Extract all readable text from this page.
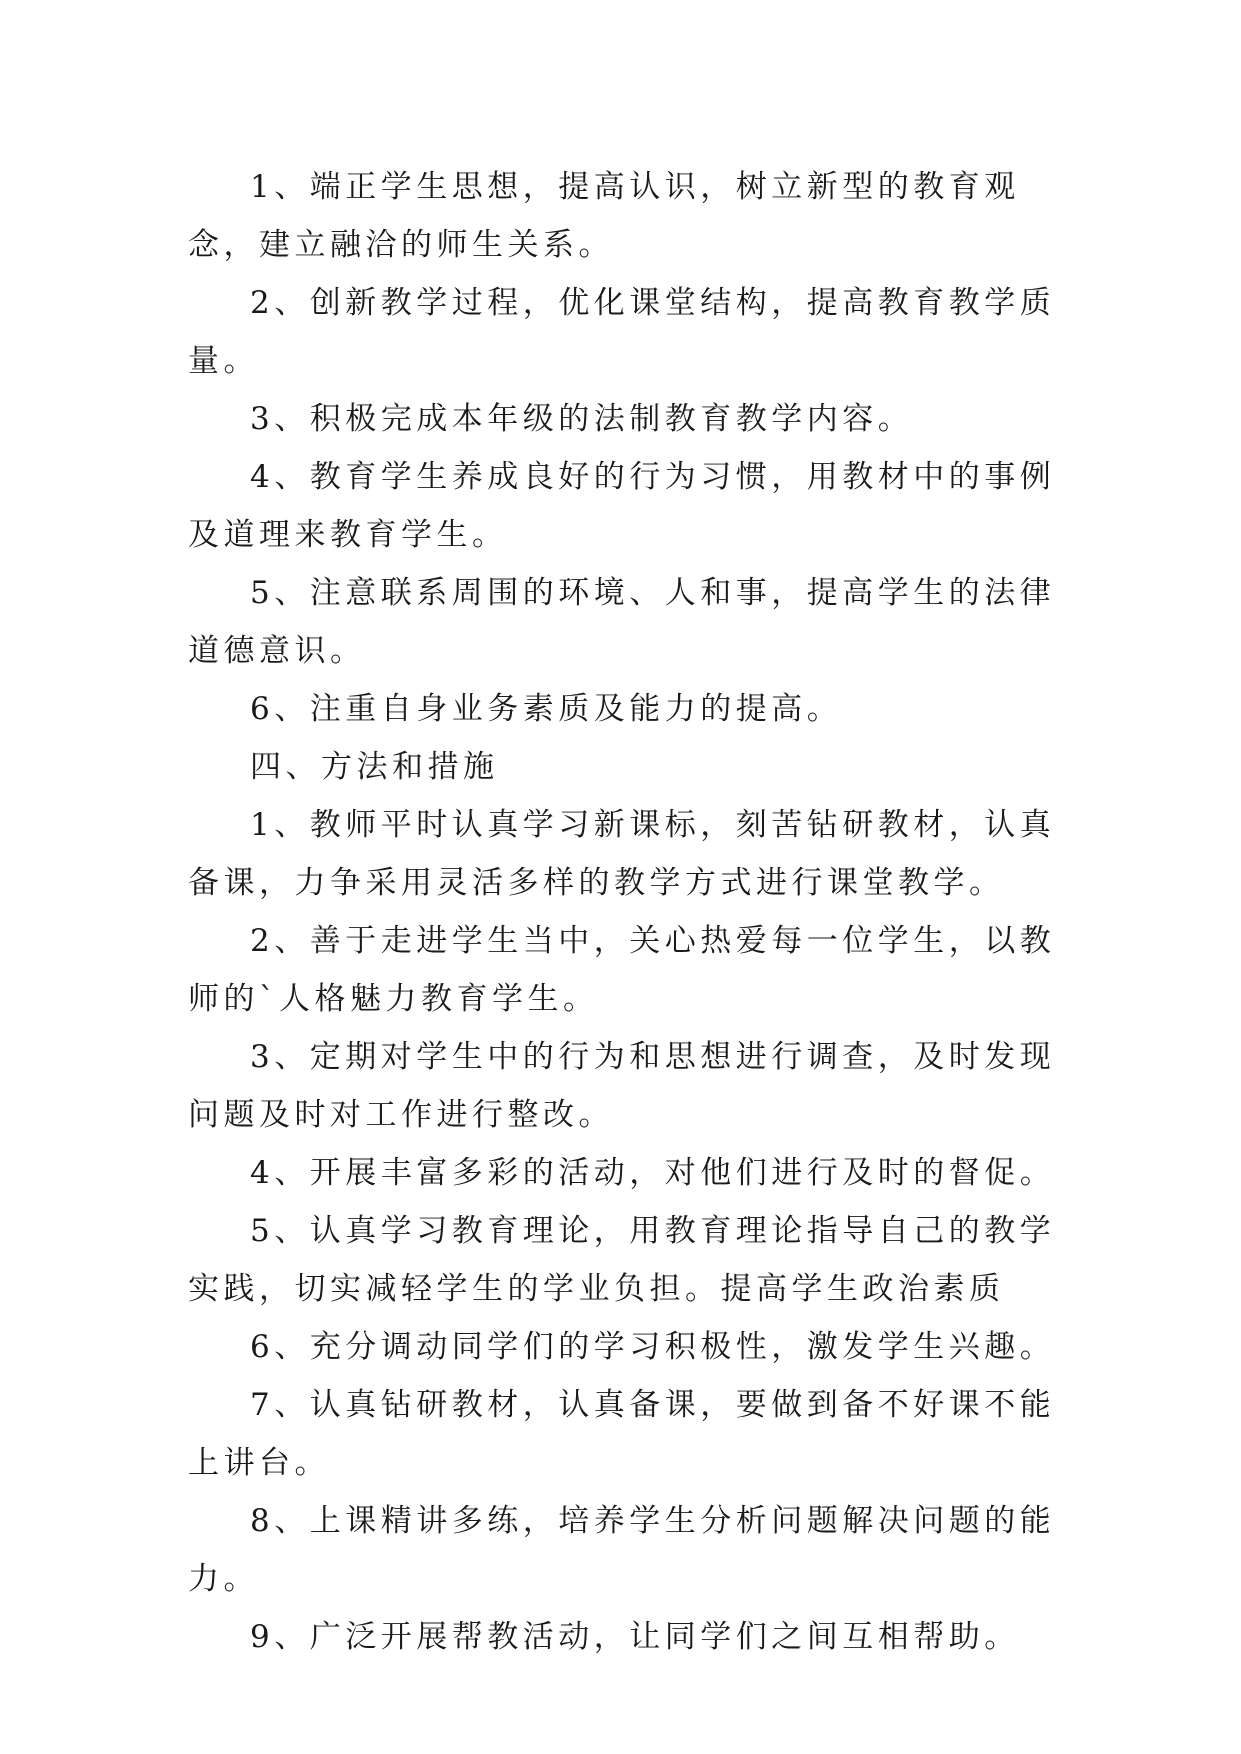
1、端正学生思想，提高认识，树立新型的教育观念，建立融洽的师生关系。

2、创新教学过程，优化课堂结构，提高教育教学质量。

3、积极完成本年级的法制教育教学内容。

4、教育学生养成良好的行为习惯，用教材中的事例及道理来教育学生。

5、注意联系周围的环境、人和事，提高学生的法律道德意识。

6、注重自身业务素质及能力的提高。

四、方法和措施

1、教师平时认真学习新课标，刻苦钻研教材，认真备课，力争采用灵活多样的教学方式进行课堂教学。

2、善于走进学生当中，关心热爱每一位学生，以教师的`人格魅力教育学生。

3、定期对学生中的行为和思想进行调查，及时发现问题及时对工作进行整改。

4、开展丰富多彩的活动，对他们进行及时的督促。

5、认真学习教育理论，用教育理论指导自己的教学实践，切实减轻学生的学业负担。提高学生政治素质

6、充分调动同学们的学习积极性，激发学生兴趣。

7、认真钻研教材，认真备课，要做到备不好课不能上讲台。

8、上课精讲多练，培养学生分析问题解决问题的能力。

9、广泛开展帮教活动，让同学们之间互相帮助。
